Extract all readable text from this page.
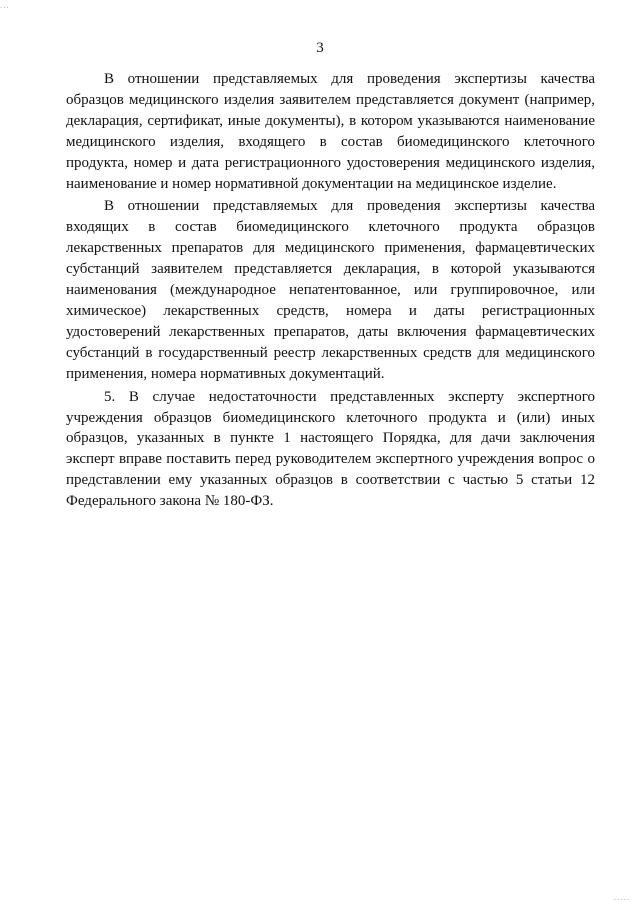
...
3

В отношении представляемых для проведения экспертизы качества образцов медицинского изделия заявителем представляется документ (например, декларация, сертификат, иные документы), в котором указываются наименование медицинского изделия, входящего в состав биомедицинского клеточного продукта, номер и дата регистрационного удостоверения медицинского изделия, наименование и номер нормативной документации на медицинское изделие.

В отношении представляемых для проведения экспертизы качества входящих в состав биомедицинского клеточного продукта образцов лекарственных препаратов для медицинского применения, фармацевтических субстанций заявителем представляется декларация, в которой указываются наименования (международное непатентованное, или группировочное, или химическое) лекарственных средств, номера и даты регистрационных удостоверений лекарственных препаратов, даты включения фармацевтических субстанций в государственный реестр лекарственных средств для медицинского применения, номера нормативных документаций.

5. В случае недостаточности представленных эксперту экспертного учреждения образцов биомедицинского клеточного продукта и (или) иных образцов, указанных в пункте 1 настоящего Порядка, для дачи заключения эксперт вправе поставить перед руководителем экспертного учреждения вопрос о представлении ему указанных образцов в соответствии с частью 5 статьи 12 Федерального закона № 180-ФЗ.

.....
